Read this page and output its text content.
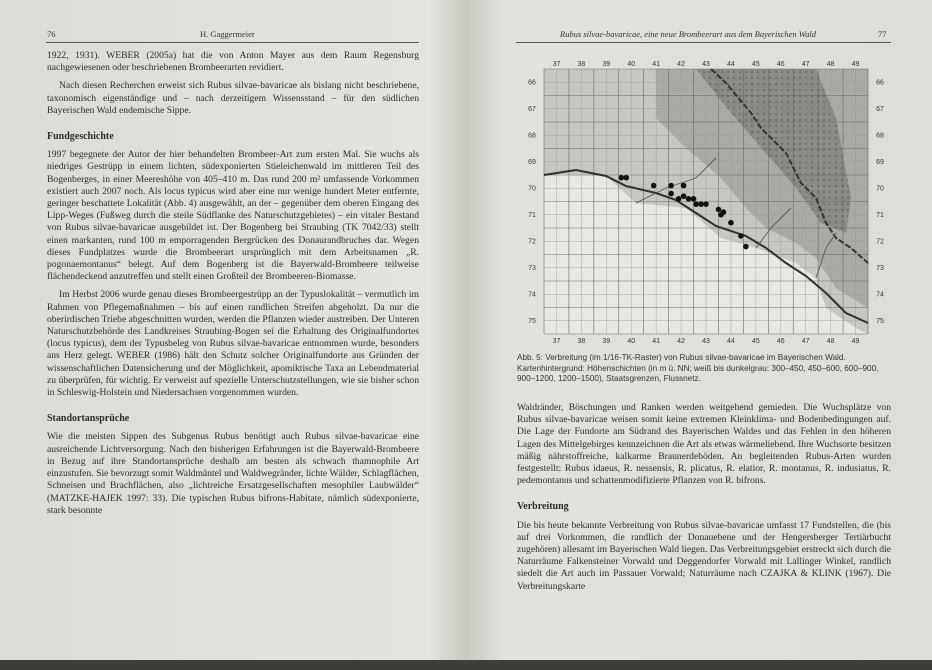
76	H. Gaggermeier

1922, 1931). WEBER (2005a) hat die von Anton Mayer aus dem Raum Regensburg nachgewiesenen oder beschriebenen Brombeerarten revidiert.

Nach diesen Recherchen erweist sich Rubus silvae-bavaricae als bislang nicht beschriebene, taxonomisch eigenständige und – nach derzeitigem Wissensstand – für den südlichen Bayerischen Wald endemische Sippe.

Fundgeschichte

1997 begegnete der Autor der hier behandelten Brombeer-Art zum ersten Mal. Sie wuchs als niedriges Gestrüpp in einem lichten, südexponierten Stieleichenwald im mittleren Teil des Bogenberges, in einer Meereshöhe von 405–410 m. Das rund 200 m² umfassende Vorkommen existiert auch 2007 noch. Als locus typicus wird aber eine nur wenige hundert Meter entfernte, geringer beschattete Lokalität (Abb. 4) ausgewählt, an der – gegenüber dem oberen Eingang des Lipp-Weges (Fußweg durch die steile Südflanke des Naturschutzgebietes) – ein vitaler Bestand von Rubus silvae-bavaricae ausgebildet ist. Der Bogenberg bei Straubing (TK 7042/33) stellt einen markanten, rund 100 m emporragenden Bergrücken des Donaurandbruches dar. Wegen dieses Fundplatzes wurde die Brombeerart ursprünglich mit dem Arbeitsnamen „R. pogonaemontanus“ belegt. Auf dem Bogenberg ist die Bayerwald-Brombeere teilweise flächendeckend anzutreffen und stellt einen Großteil der Brombeeren-Biomasse.

Im Herbst 2006 wurde genau dieses Brombeergestrüpp an der Typuslokalität – vermutlich im Rahmen von Pflegemaßnahmen – bis auf einen randlichen Streifen abgeholzt. Da nur die oberirdischen Triebe abgeschnitten wurden, werden die Pflanzen wieder austreiben. Der Unteren Naturschutzbehörde des Landkreises Straubing-Bogen sei die Erhaltung des Originalfundortes (locus typicus), dem der Typusbeleg von Rubus silvae-bavaricae entnommen wurde, besonders ans Herz gelegt. WEBER (1986) hält den Schutz solcher Originalfundorte aus Gründen der wissenschaftlichen Datensicherung und der Möglichkeit, apomiktische Taxa an Lebendmaterial zu überprüfen, für wichtig. Er verweist auf spezielle Unterschutzstellungen, wie sie bisher schon in Schleswig-Holstein und Niedersachsen vorgenommen wurden.

Standortansprüche

Wie die meisten Sippen des Subgenus Rubus benötigt auch Rubus silvae-bavaricae eine ausreichende Lichtversorgung. Nach den bisherigen Erfahrungen ist die Bayerwald-Brombeere in Bezug auf ihre Standortansprüche deshalb am besten als schwach thamnophile Art einzustufen. Sie bevorzugt somit Waldmäntel und Waldwegränder, lichte Wälder, Schlagflächen, Schneisen und Brachflächen, also „lichtreiche Ersatzgesellschaften mesophiler Laubwälder“ (MATZKE-HAJEK 1997: 33). Die typischen Rubus bifrons-Habitate, nämlich südexponierte, stark besonnte

Rubus silvae-bavaricae, eine neue Brombeerart aus dem Bayerischen Wald	77
37
37
38
38
39
39
40
40
41
41
42
42
43
43
44
44
45
45
46
46
47
47
48
48
49
49
66	66
67	67
68	68
69	69
70	70
71	71
72	72
73	73
74	74
75	75
Abb. 5: Verbreitung (im 1/16-TK-Raster) von Rubus silvae-bavaricae im Bayerischen Wald. Kartenhintergrund: Höhenschichten (in m ü. NN; weiß bis dunkelgrau: 300–450, 450–600, 600–900, 900–1200, 1200–1500), Staatsgrenzen, Flussnetz.

Waldränder, Böschungen und Ranken werden weitgehend gemieden. Die Wuchsplätze von Rubus silvae-bavaricae weisen somit keine extremen Kleinklima- und Bodenbedingungen auf. Die Lage der Fundorte am Südrand des Bayerischen Waldes und das Fehlen in den höheren Lagen des Mittelgebirges kennzeichnen die Art als etwas wärmeliebend. Ihre Wuchsorte besitzen mäßig nährstoffreiche, kalkarme Braunerdeböden. An begleitenden Rubus-Arten wurden festgestellt: Rubus idaeus, R. nessensis, R. plicatus, R. elatior, R. montanus, R. indusiatus, R. pedemontanus und schattenmodifizierte Pflanzen von R. bifrons.

Verbreitung

Die bis heute bekannte Verbreitung von Rubus silvae-bavaricae umfasst 17 Fundstellen, die (bis auf drei Vorkommen, die randlich der Donauebene und der Hengersberger Tertiärbucht zugehören) allesamt im Bayerischen Wald liegen. Das Verbreitungsgebiet erstreckt sich durch die Naturräume Falkensteiner Vorwald und Deggendorfer Vorwald mit Lallinger Winkel, randlich siedelt die Art auch im Passauer Vorwald; Naturräume nach CZAJKA & KLINK (1967). Die Verbreitungskarte
